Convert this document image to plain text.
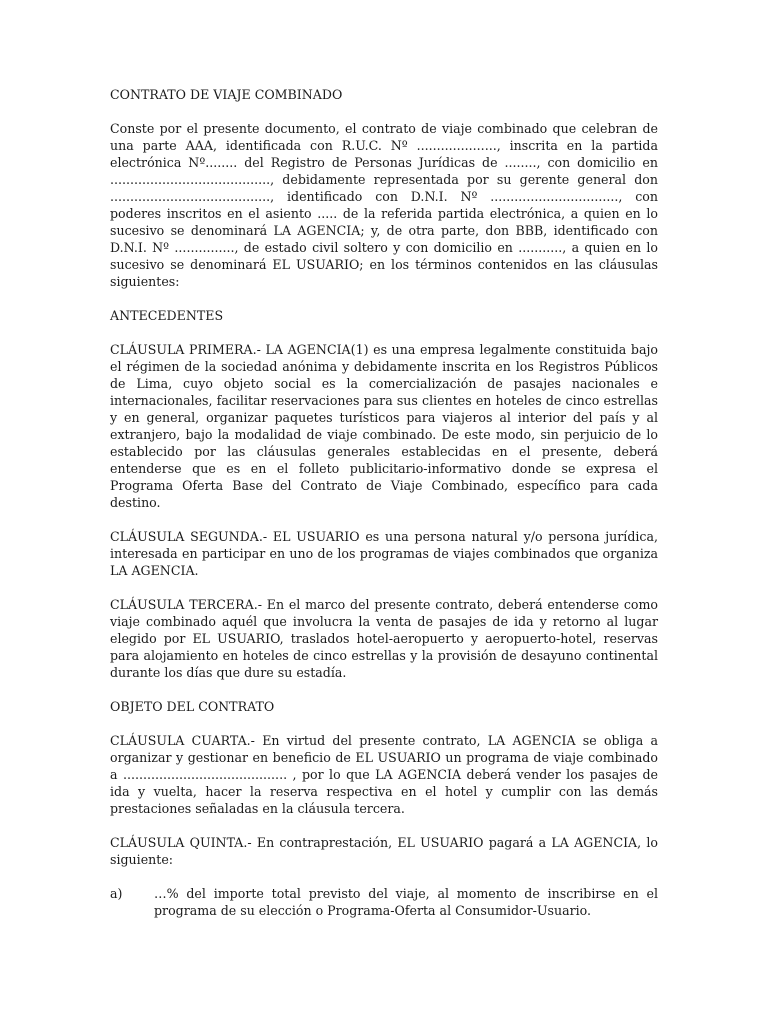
CONTRATO DE VIAJE COMBINADO

Conste por el presente documento, el contrato de viaje combinado que celebran de una parte AAA, identificada con R.U.C. Nº ...................., inscrita en la partida electrónica Nº........ del Registro de Personas Jurídicas de ........, con domicilio en ........................................, debidamente representada por su gerente general don ........................................, identificado con D.N.I. Nº ................................, con poderes inscritos en el asiento ..... de la referida partida electrónica, a quien en lo sucesivo se denominará LA AGENCIA; y, de otra parte, don BBB, identificado con D.N.I. Nº ..............., de estado civil soltero y con domicilio en ..........., a quien en lo sucesivo se denominará EL USUARIO; en los términos contenidos en las cláusulas siguientes:

ANTECEDENTES

CLÁUSULA PRIMERA.- LA AGENCIA(1) es una empresa legalmente constituida bajo el régimen de la sociedad anónima y debidamente inscrita en los Registros Públicos de Lima, cuyo objeto social es la comercialización de pasajes nacionales e internacionales, facilitar reservaciones para sus clientes en hoteles de cinco estrellas y en general, organizar paquetes turísticos para viajeros al interior del país y al extranjero, bajo la modalidad de viaje combinado. De este modo, sin perjuicio de lo establecido por las cláusulas generales establecidas en el presente, deberá entenderse que es en el folleto publicitario-informativo donde se expresa el Programa Oferta Base del Contrato de Viaje Combinado, específico para cada destino.

CLÁUSULA SEGUNDA.- EL USUARIO es una persona natural y/o persona jurídica, interesada en participar en uno de los programas de viajes combinados que organiza LA AGENCIA.

CLÁUSULA TERCERA.- En el marco del presente contrato, deberá entenderse como viaje combinado aquél que involucra la venta de pasajes de ida y retorno al lugar elegido por EL USUARIO, traslados hotel-aeropuerto y aeropuerto-hotel, reservas para alojamiento en hoteles de cinco estrellas y la provisión de desayuno continental durante los días que dure su estadía.

OBJETO DEL CONTRATO

CLÁUSULA CUARTA.- En virtud del presente contrato, LA AGENCIA se obliga a organizar y gestionar en beneficio de EL USUARIO un programa de viaje combinado a ......................................... , por lo que LA AGENCIA deberá vender los pasajes de ida y vuelta, hacer la reserva respectiva en el hotel y cumplir con las demás prestaciones señaladas en la cláusula tercera.

CLÁUSULA QUINTA.- En contraprestación, EL USUARIO pagará a LA AGENCIA, lo siguiente:

a)	…% del importe total previsto del viaje, al momento de inscribirse en el programa de su elección o Programa-Oferta al Consumidor-Usuario.
